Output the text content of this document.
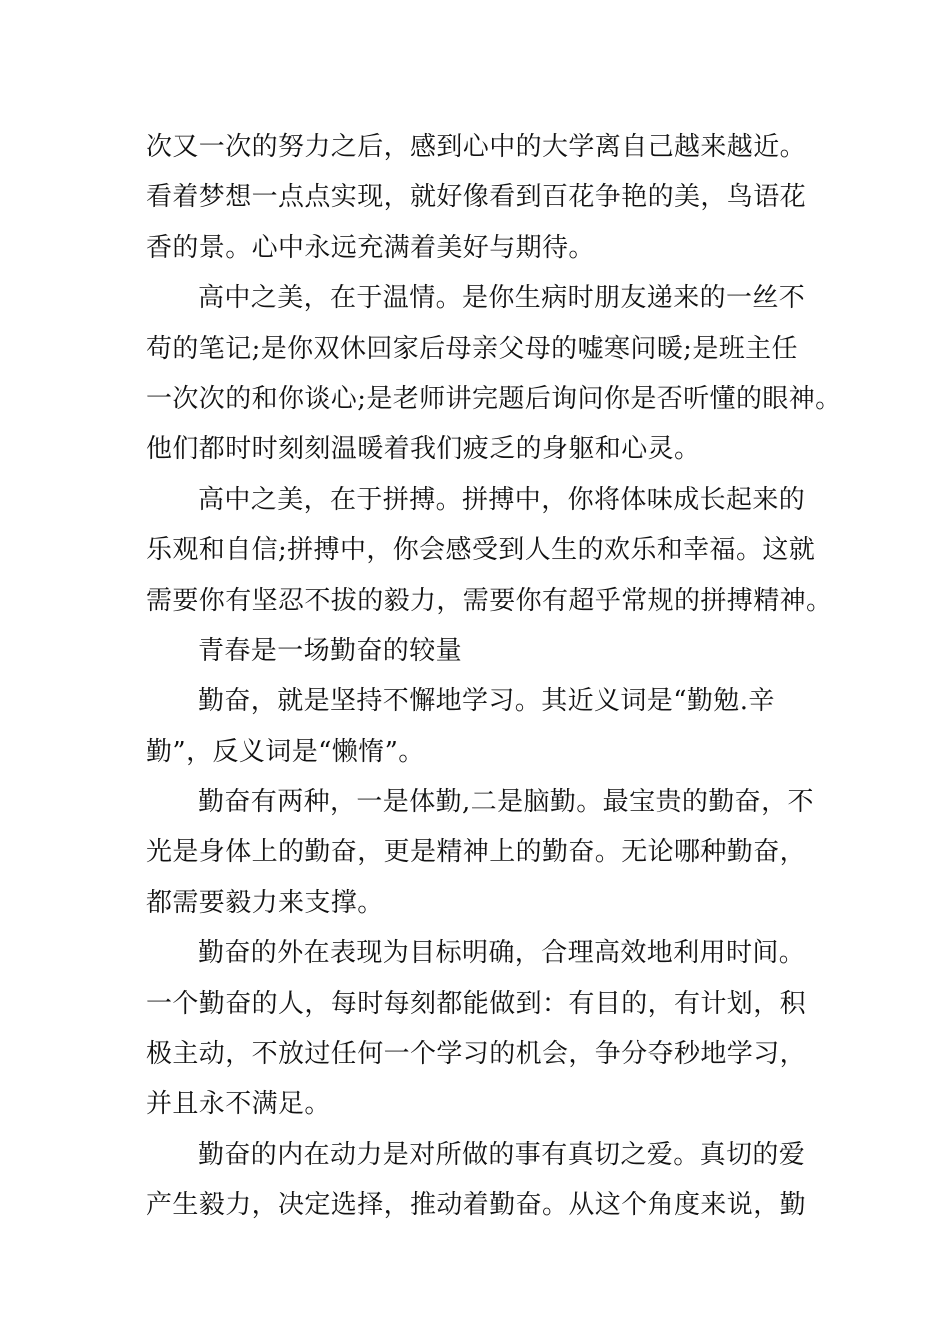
次又一次的努力之后，感到心中的大学离自己越来越近。
看着梦想一点点实现，就好像看到百花争艳的美，鸟语花
香的景。心中永远充满着美好与期待。
高中之美，在于温情。是你生病时朋友递来的一丝不
苟的笔记;是你双休回家后母亲父母的嘘寒问暖;是班主任
一次次的和你谈心;是老师讲完题后询问你是否听懂的眼神。
他们都时时刻刻温暖着我们疲乏的身躯和心灵。
高中之美，在于拼搏。拼搏中，你将体味成长起来的
乐观和自信;拼搏中，你会感受到人生的欢乐和幸福。这就
需要你有坚忍不拔的毅力，需要你有超乎常规的拼搏精神。
青春是一场勤奋的较量
勤奋，就是坚持不懈地学习。其近义词是“勤勉.辛
勤”，反义词是“懒惰”。
勤奋有两种，一是体勤,二是脑勤。最宝贵的勤奋，不
光是身体上的勤奋，更是精神上的勤奋。无论哪种勤奋，
都需要毅力来支撑。
勤奋的外在表现为目标明确，合理高效地利用时间。
一个勤奋的人，每时每刻都能做到：有目的，有计划，积
极主动，不放过任何一个学习的机会，争分夺秒地学习，
并且永不满足。
勤奋的内在动力是对所做的事有真切之爱。真切的爱
产生毅力，决定选择，推动着勤奋。从这个角度来说，勤
